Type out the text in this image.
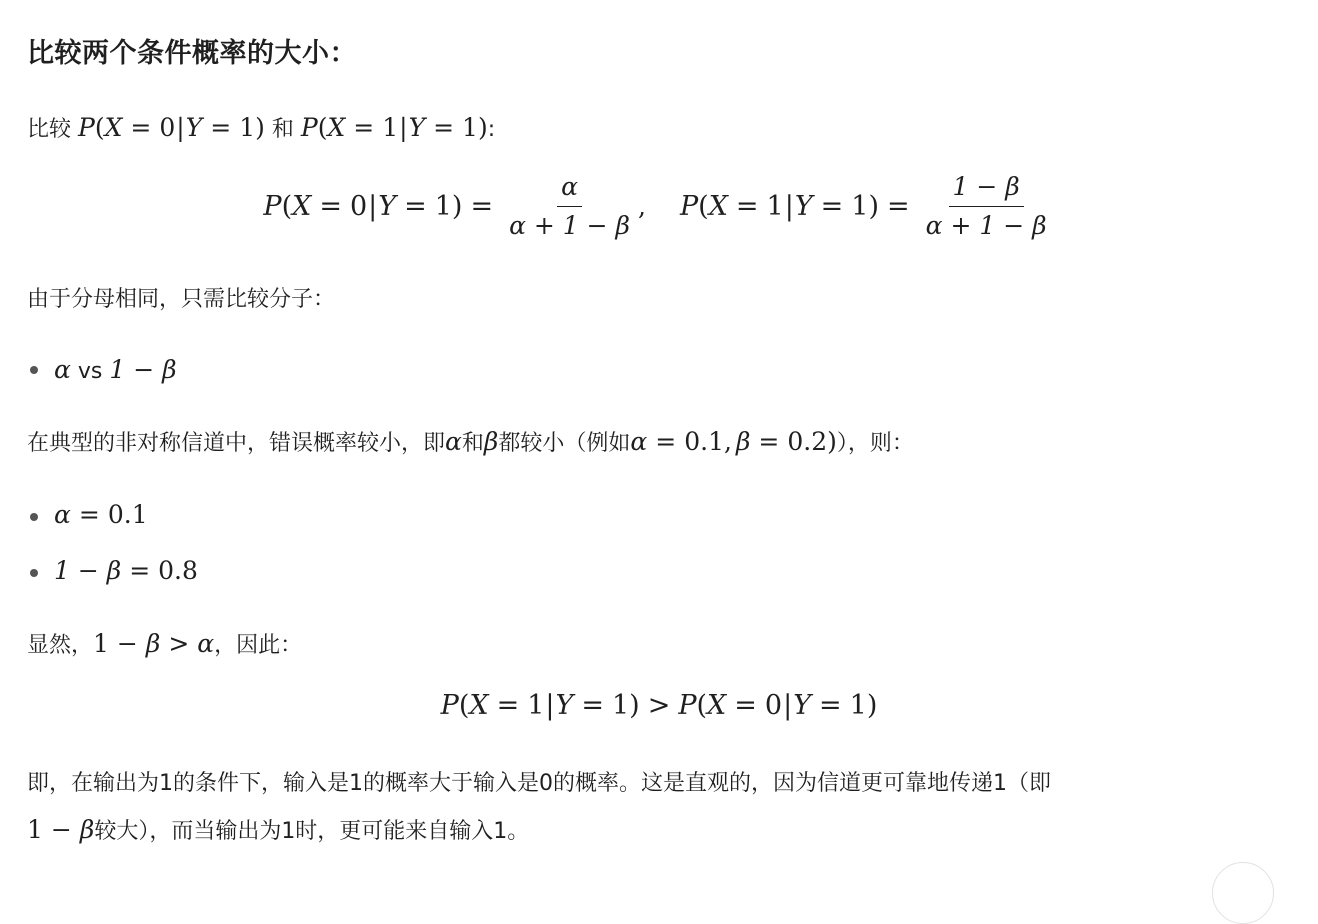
比较两个条件概率的大小：
比较 P(X = 0|Y = 1) 和 P(X = 1|Y = 1):
$P(X = 0|Y = 1) = \frac{\alpha}{\alpha + 1 - \beta}$ , $P(X = 1|Y = 1) = \frac{1 - \beta}{\alpha + 1 - \beta}$
由于分母相同，只需比较分子：
α vs 1 − β
在典型的非对称信道中，错误概率较小，即α和β都较小（例如α = 0.1, β = 0.2)），则：
α = 0.1
1 − β = 0.8
显然，1 − β > α，因此：
P(X = 1|Y = 1) > P(X = 0|Y = 1)
即，在输出为1的条件下，输入是1的概率大于输入是0的概率。这是直观的，因为信道更可靠地传递1（即
1 − β较大），而当输出为1时，更可能来自输入1。
